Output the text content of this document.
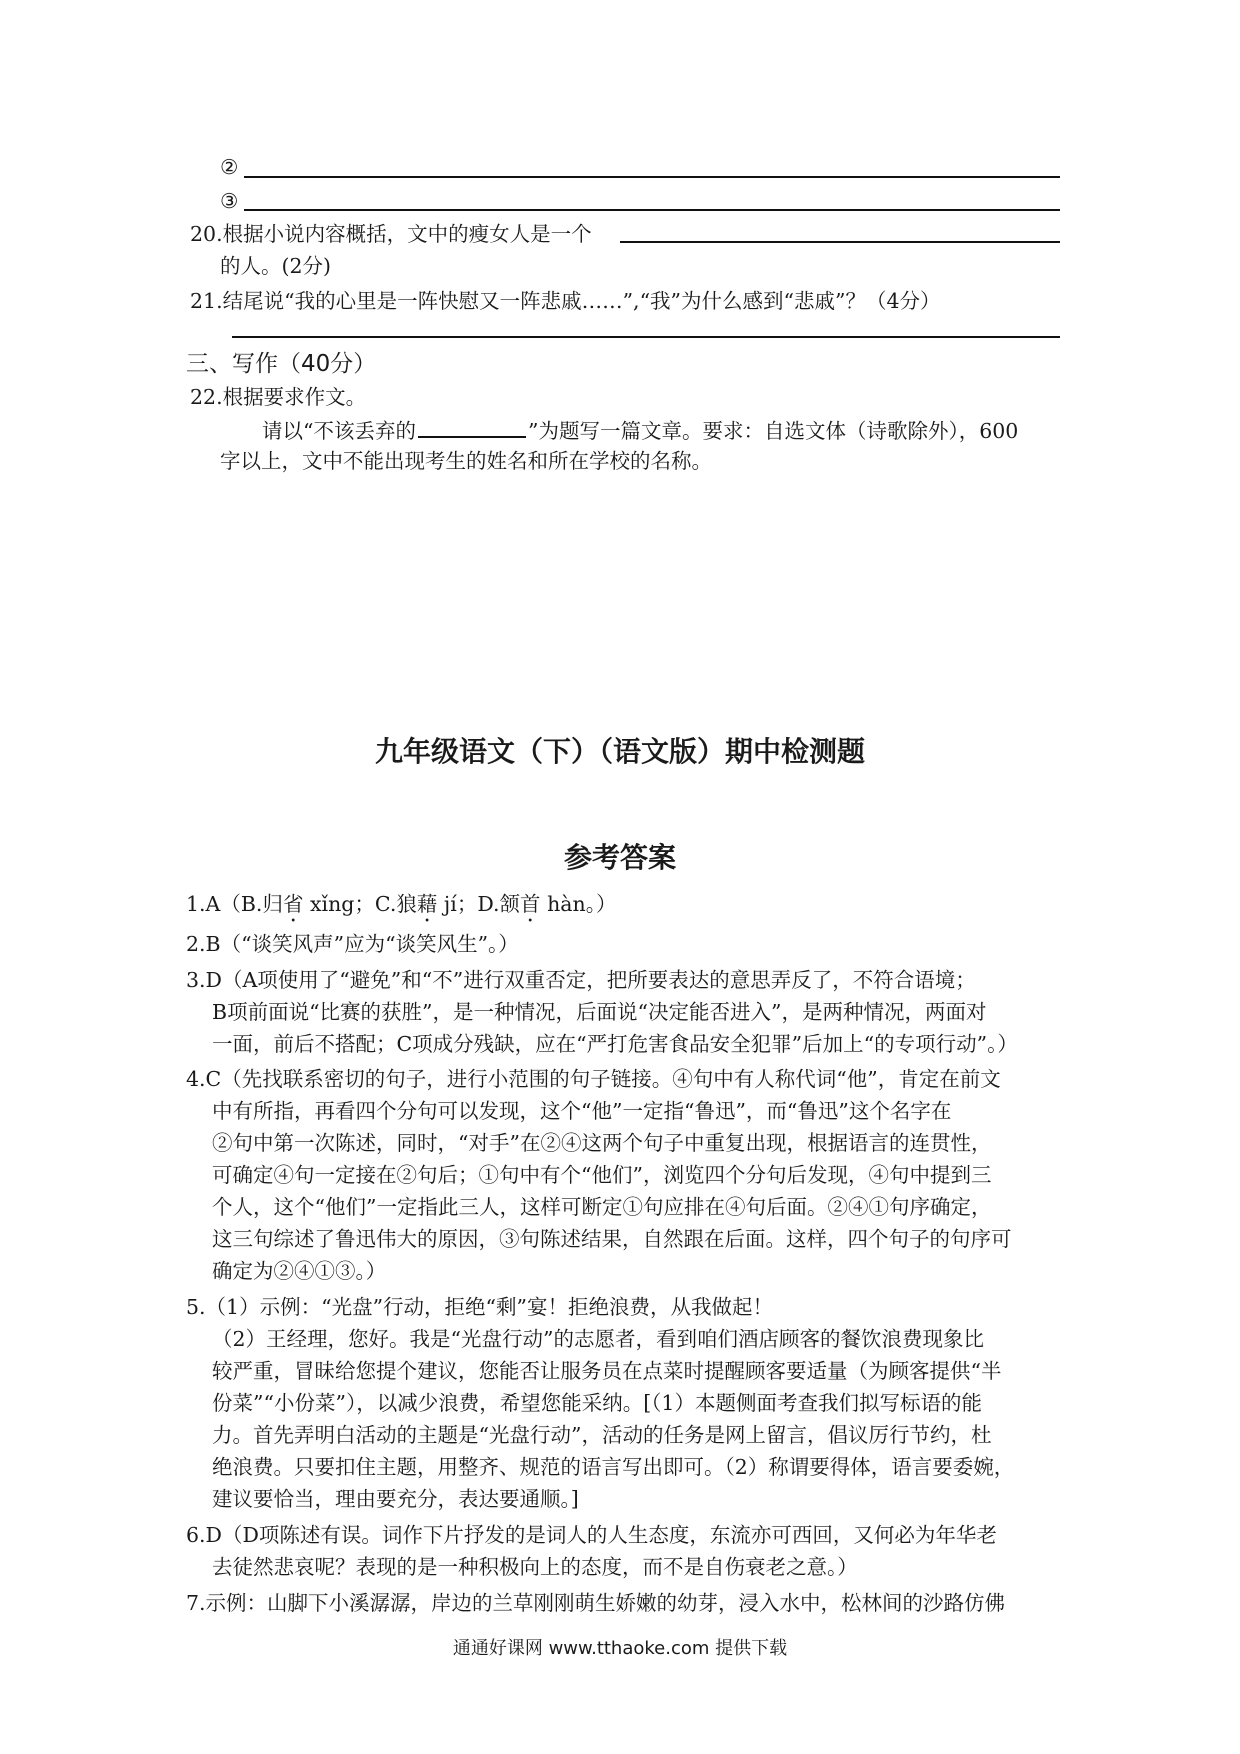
②
③
20.根据小说内容概括，文中的瘦女人是一个
的人。(2分)
21.结尾说“我的心里是一阵快慰又一阵悲戚……”,“我”为什么感到“悲戚”？（4分）
三、写作（40分）
22.根据要求作文。
请以“不该丢弃的	”为题写一篇文章。要求：自选文体（诗歌除外），600
字以上，文中不能出现考生的姓名和所在学校的名称。
九年级语文（下）（语文版）期中检测题
参考答案
1.A（B.归省 xǐng；C.狼藉 jí；D.颔首 hàn。）
2.B（“谈笑风声”应为“谈笑风生”。）
3.D（A项使用了“避免”和“不”进行双重否定，把所要表达的意思弄反了，不符合语境；
B项前面说“比赛的获胜”，是一种情况，后面说“决定能否进入”，是两种情况，两面对
一面，前后不搭配；C项成分残缺，应在“严打危害食品安全犯罪”后加上“的专项行动”。）
4.C（先找联系密切的句子，进行小范围的句子链接。④句中有人称代词“他”，肯定在前文
中有所指，再看四个分句可以发现，这个“他”一定指“鲁迅”，而“鲁迅”这个名字在
②句中第一次陈述，同时，“对手”在②④这两个句子中重复出现，根据语言的连贯性，
可确定④句一定接在②句后；①句中有个“他们”，浏览四个分句后发现，④句中提到三
个人，这个“他们”一定指此三人，这样可断定①句应排在④句后面。②④①句序确定，
这三句综述了鲁迅伟大的原因，③句陈述结果，自然跟在后面。这样，四个句子的句序可
确定为②④①③。）
5.（1）示例：“光盘”行动，拒绝“剩”宴！拒绝浪费，从我做起！
（2）王经理，您好。我是“光盘行动”的志愿者，看到咱们酒店顾客的餐饮浪费现象比
较严重，冒昧给您提个建议，您能否让服务员在点菜时提醒顾客要适量（为顾客提供“半
份菜”“小份菜”），以减少浪费，希望您能采纳。[（1）本题侧面考查我们拟写标语的能
力。首先弄明白活动的主题是“光盘行动”，活动的任务是网上留言，倡议厉行节约，杜
绝浪费。只要扣住主题，用整齐、规范的语言写出即可。（2）称谓要得体，语言要委婉，
建议要恰当，理由要充分，表达要通顺。]
6.D（D项陈述有误。词作下片抒发的是词人的人生态度，东流亦可西回，又何必为年华老
去徒然悲哀呢？表现的是一种积极向上的态度，而不是自伤衰老之意。）
7.示例：山脚下小溪潺潺，岸边的兰草刚刚萌生娇嫩的幼芽，浸入水中，松林间的沙路仿佛
通通好课网 www.tthaoke.com 提供下载
